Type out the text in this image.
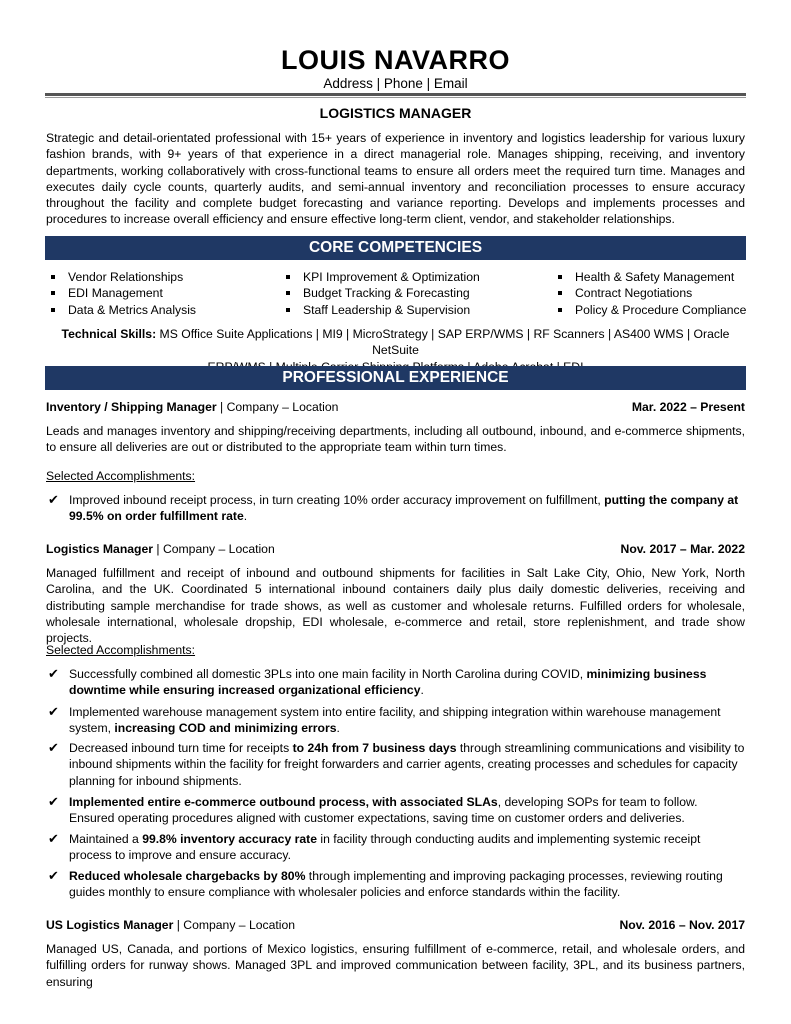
LOUIS NAVARRO
Address | Phone | Email
LOGISTICS MANAGER
Strategic and detail-orientated professional with 15+ years of experience in inventory and logistics leadership for various luxury fashion brands, with 9+ years of that experience in a direct managerial role. Manages shipping, receiving, and inventory departments, working collaboratively with cross-functional teams to ensure all orders meet the required turn time. Manages and executes daily cycle counts, quarterly audits, and semi-annual inventory and reconciliation processes to ensure accuracy throughout the facility and complete budget forecasting and variance reporting. Develops and implements processes and procedures to increase overall efficiency and ensure effective long-term client, vendor, and stakeholder relationships.
CORE COMPETENCIES
Vendor Relationships
EDI Management
Data & Metrics Analysis
KPI Improvement & Optimization
Budget Tracking & Forecasting
Staff Leadership & Supervision
Health & Safety Management
Contract Negotiations
Policy & Procedure Compliance
Technical Skills: MS Office Suite Applications | MI9 | MicroStrategy | SAP ERP/WMS | RF Scanners | AS400 WMS | Oracle NetSuite
PROFESSIONAL EXPERIENCE
Inventory / Shipping Manager | Company – Location	Mar. 2022 – Present
Leads and manages inventory and shipping/receiving departments, including all outbound, inbound, and e-commerce shipments, to ensure all deliveries are out or distributed to the appropriate team within turn times.
Selected Accomplishments:
✔ Improved inbound receipt process, in turn creating 10% order accuracy improvement on fulfillment, putting the company at 99.5% on order fulfillment rate.
Logistics Manager | Company – Location	Nov. 2017 – Mar. 2022
Managed fulfillment and receipt of inbound and outbound shipments for facilities in Salt Lake City, Ohio, New York, North Carolina, and the UK. Coordinated 5 international inbound containers daily plus daily domestic deliveries, receiving and distributing sample merchandise for trade shows, as well as customer and wholesale returns. Fulfilled orders for wholesale, wholesale international, wholesale dropship, EDI wholesale, e-commerce and retail, store replenishment, and trade show projects.
Selected Accomplishments:
✔ Successfully combined all domestic 3PLs into one main facility in North Carolina during COVID, minimizing business downtime while ensuring increased organizational efficiency.
✔ Implemented warehouse management system into entire facility, and shipping integration within warehouse management system, increasing COD and minimizing errors.
✔ Decreased inbound turn time for receipts to 24h from 7 business days through streamlining communications and visibility to inbound shipments within the facility for freight forwarders and carrier agents, creating processes and schedules for capacity planning for inbound shipments.
✔ Implemented entire e-commerce outbound process, with associated SLAs, developing SOPs for team to follow. Ensured operating procedures aligned with customer expectations, saving time on customer orders and deliveries.
✔ Maintained a 99.8% inventory accuracy rate in facility through conducting audits and implementing systemic receipt process to improve and ensure accuracy.
✔ Reduced wholesale chargebacks by 80% through implementing and improving packaging processes, reviewing routing guides monthly to ensure compliance with wholesaler policies and enforce standards within the facility.
US Logistics Manager | Company – Location	Nov. 2016 – Nov. 2017
Managed US, Canada, and portions of Mexico logistics, ensuring fulfillment of e-commerce, retail, and wholesale orders, and fulfilling orders for runway shows. Managed 3PL and improved communication between facility, 3PL, and its business partners, ensuring
